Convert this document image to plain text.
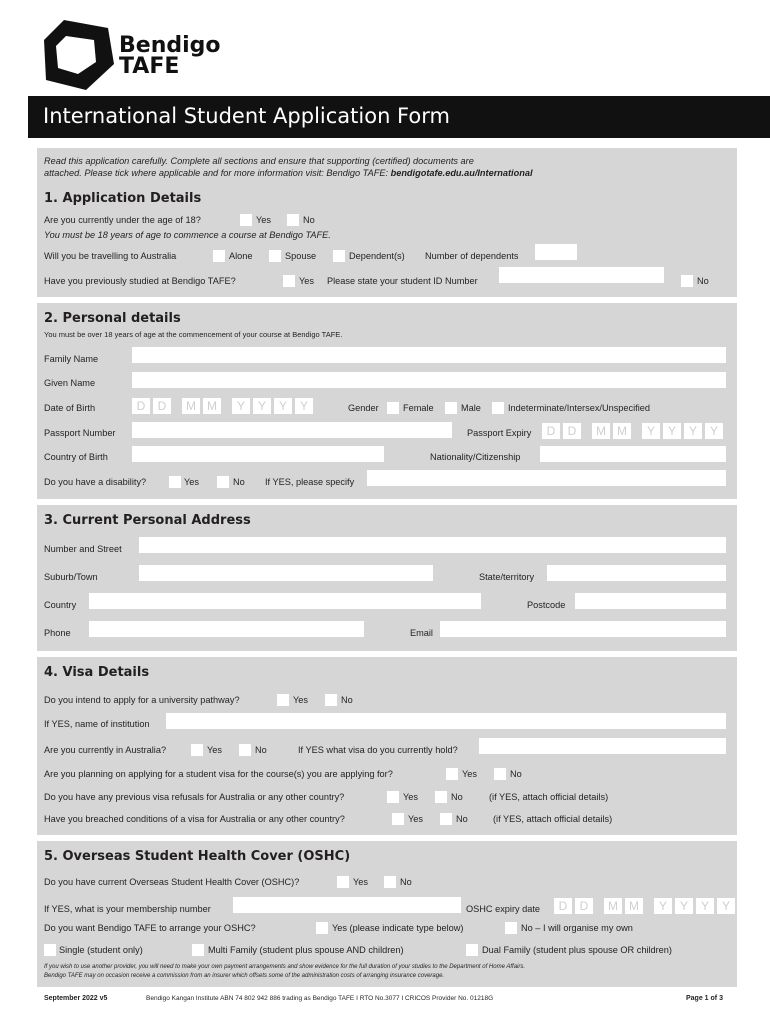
Bendigo
TAFE
International Student Application Form
Read this application carefully. Complete all sections and ensure that supporting (certified) documents are
attached. Please tick where applicable and for more information visit: Bendigo TAFE: bendigotafe.edu.au/International
1. Application Details
Are you currently under the age of 18?	Yes	No
You must be 18 years of age to commence a course at Bendigo TAFE.
Will you be travelling to Australia	Alone	Spouse	Dependent(s) Number of dependents
Have you previously studied at Bendigo TAFE?	Yes Please state your student ID Number	No
2. Personal details
You must be over 18 years of age at the commencement of your course at Bendigo TAFE.
Family Name
Given Name
Date of Birth	D	D	M M	Y	Y	Y	Y	Gender	Female	Male	Indeterminate/Intersex/Unspecified
Passport Number	Passport Expiry	D	D	M M	Y	Y	Y	Y
Country of Birth	Nationality/Citizenship
Do you have a disability?	Yes	No If YES, please specify
3. Current Personal Address
Number and Street
Suburb/Town	State/territory
Country	Postcode
Phone	Email
4. Visa Details
Do you intend to apply for a university pathway?	Yes	No
If YES, name of institution
Are you currently in Australia?	Yes	No	If YES what visa do you currently hold?
Are you planning on applying for a student visa for the course(s) you are applying for?	Yes	No
Do you have any previous visa refusals for Australia or any other country?	Yes	No	(if YES, attach official details)
Have you breached conditions of a visa for Australia or any other country?	Yes	No	(if YES, attach official details)
5. Overseas Student Health Cover (OSHC)
Do you have current Overseas Student Health Cover (OSHC)?	Yes	No
If YES, what is your membership number	OSHC expiry date	D	D	M M	Y	Y	Y	Y
Do you want Bendigo TAFE to arrange your OSHC?	Yes (please indicate type below)	No – I will organise my own
Single (student only)	Multi Family (student plus spouse AND children)	Dual Family (student plus spouse OR children)
If you wish to use another provider, you will need to make your own payment arrangements and show evidence for the full duration of your studies to the Department of Home Affairs.
Bendigo TAFE may on occasion receive a commission from an insurer which offsets some of the administration costs of arranging insurance coverage.
September 2022 v5	Bendigo Kangan Institute ABN 74 802 942 886 trading as Bendigo TAFE I RTO No.3077 I CRICOS Provider No. 01218G	Page 1 of 3
